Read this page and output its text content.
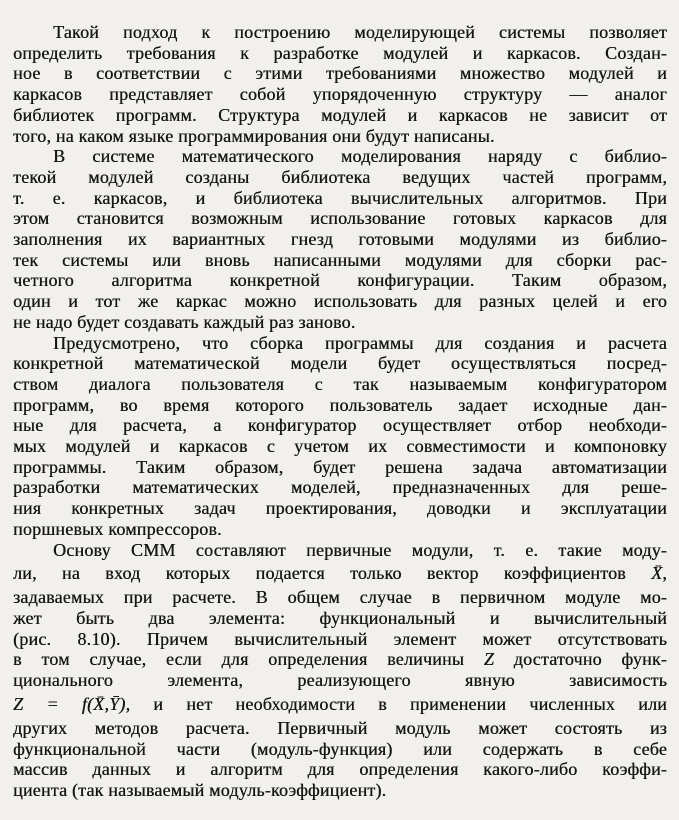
Такой подход к построению моделирующей системы позволяет
определить требования к разработке модулей и каркасов. Создан-
ное в соответствии с этими требованиями множество модулей и
каркасов представляет собой упорядоченную структуру — аналог
библиотек программ. Структура модулей и каркасов не зависит от
того, на каком языке программирования они будут написаны.

В системе математического моделирования наряду с библио-
текой модулей созданы библиотека ведущих частей программ,
т. е. каркасов, и библиотека вычислительных алгоритмов. При
этом становится возможным использование готовых каркасов для
заполнения их вариантных гнезд готовыми модулями из библио-
тек системы или вновь написанными модулями для сборки рас-
четного алгоритма конкретной конфигурации. Таким образом,
один и тот же каркас можно использовать для разных целей и его
не надо будет создавать каждый раз заново.

Предусмотрено, что сборка программы для создания и расчета
конкретной математической модели будет осуществляться посред-
ством диалога пользователя с так называемым конфигуратором
программ, во время которого пользователь задает исходные дан-
ные для расчета, а конфигуратор осуществляет отбор необходи-
мых модулей и каркасов с учетом их совместимости и компоновку
программы. Таким образом, будет решена задача автоматизации
разработки математических моделей, предназначенных для реше-
ния конкретных задач проектирования, доводки и эксплуатации
поршневых компрессоров.

Основу СММ составляют первичные модули, т. е. такие моду-
ли, на вход которых подается только вектор коэффициентов X̄,
задаваемых при расчете. В общем случае в первичном модуле мо-
жет быть два элемента: функциональный и вычислительный
(рис. 8.10). Причем вычислительный элемент может отсутствовать
в том случае, если для определения величины Z достаточно функ-
ционального элемента, реализующего явную зависимость
Z = f(X̄,Ȳ), и нет необходимости в применении численных или
других методов расчета. Первичный модуль может состоять из
функциональной части (модуль-функция) или содержать в себе
массив данных и алгоритм для определения какого-либо коэффи-
циента (так называемый модуль-коэффициент).
